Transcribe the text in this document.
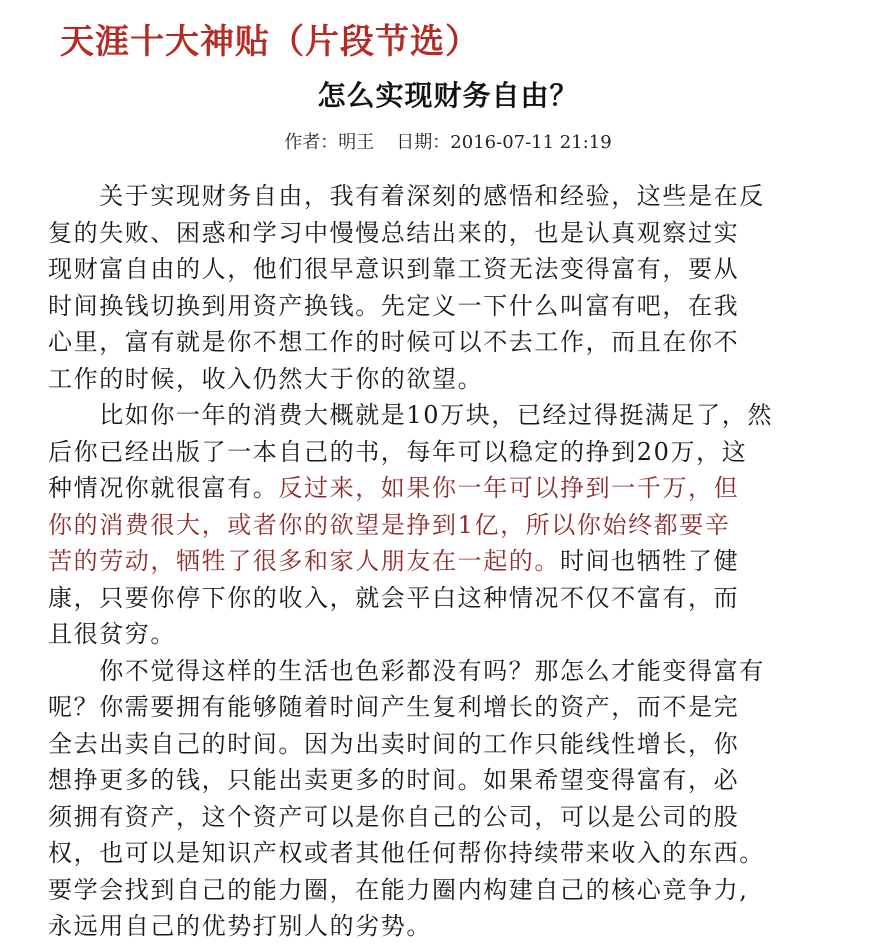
天涯十大神贴（片段节选）
怎么实现财务自由？
作者：明王 日期：2016-07-11 21:19
　　关于实现财务自由，我有着深刻的感悟和经验，这些是在反
复的失败、困惑和学习中慢慢总结出来的，也是认真观察过实
现财富自由的人，他们很早意识到靠工资无法变得富有，要从
时间换钱切换到用资产换钱。先定义一下什么叫富有吧，在我
心里，富有就是你不想工作的时候可以不去工作，而且在你不
工作的时候，收入仍然大于你的欲望。
　　比如你一年的消费大概就是10万块，已经过得挺满足了，然
后你已经出版了一本自己的书，每年可以稳定的挣到20万，这
种情况你就很富有。反过来，如果你一年可以挣到一千万，但
你的消费很大，或者你的欲望是挣到1亿，所以你始终都要辛
苦的劳动，牺牲了很多和家人朋友在一起的。时间也牺牲了健
康，只要你停下你的收入，就会平白这种情况不仅不富有，而
且很贫穷。
　　你不觉得这样的生活也色彩都没有吗？那怎么才能变得富有
呢？你需要拥有能够随着时间产生复利增长的资产，而不是完
全去出卖自己的时间。因为出卖时间的工作只能线性增长，你
想挣更多的钱，只能出卖更多的时间。如果希望变得富有，必
须拥有资产，这个资产可以是你自己的公司，可以是公司的股
权，也可以是知识产权或者其他任何帮你持续带来收入的东西。
要学会找到自己的能力圈，在能力圈内构建自己的核心竞争力,
永远用自己的优势打别人的劣势。
